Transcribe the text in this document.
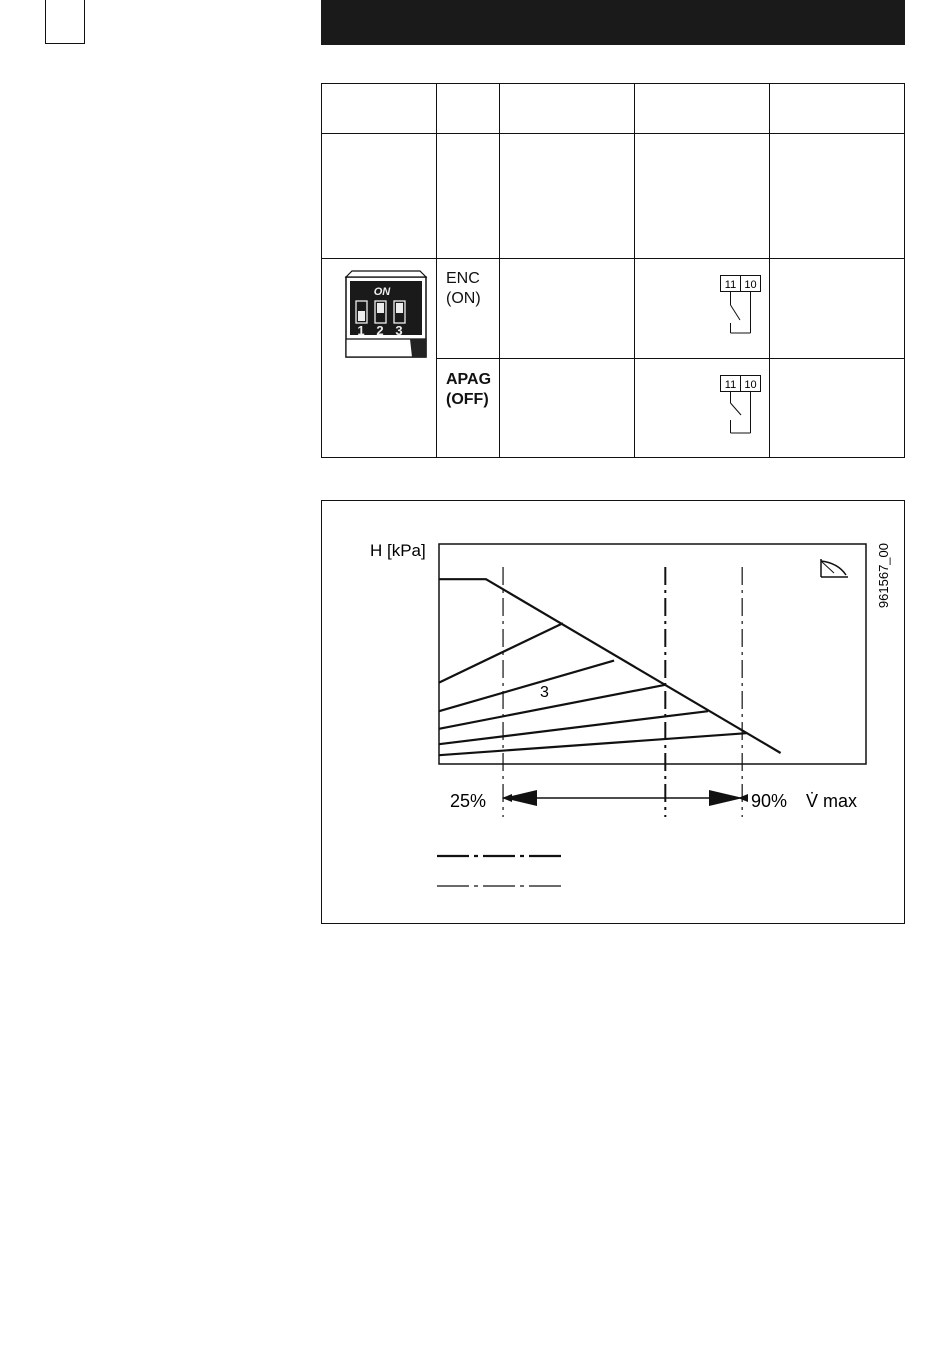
ON
1 2 3
ENC
(ON)
11 10
APAG
(OFF)
11 10
H [kPa]
3
961567_00
25%	90% V̇ max
